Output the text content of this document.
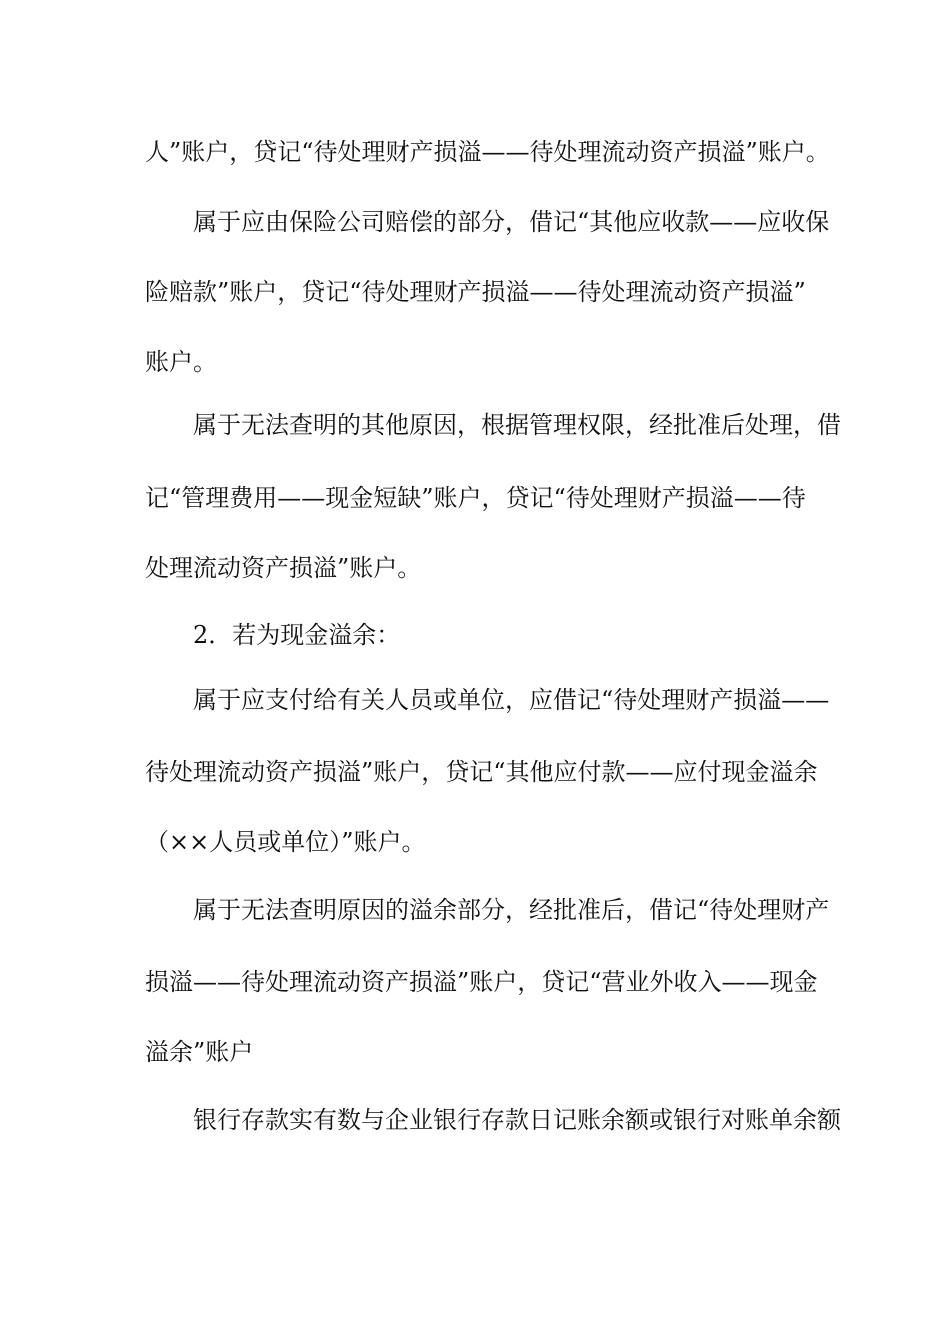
人”账户，贷记“待处理财产损溢——待处理流动资产损溢”账户。
属于应由保险公司赔偿的部分，借记“其他应收款——应收保
险赔款”账户，贷记“待处理财产损溢——待处理流动资产损溢”
账户。
属于无法查明的其他原因，根据管理权限，经批准后处理，借
记“管理费用——现金短缺”账户，贷记“待处理财产损溢——待
处理流动资产损溢”账户。
2．若为现金溢余：
属于应支付给有关人员或单位，应借记“待处理财产损溢——
待处理流动资产损溢”账户，贷记“其他应付款——应付现金溢余
（××人员或单位）”账户。
属于无法查明原因的溢余部分，经批准后，借记“待处理财产
损溢——待处理流动资产损溢”账户，贷记“营业外收入——现金
溢余”账户
银行存款实有数与企业银行存款日记账余额或银行对账单余额
